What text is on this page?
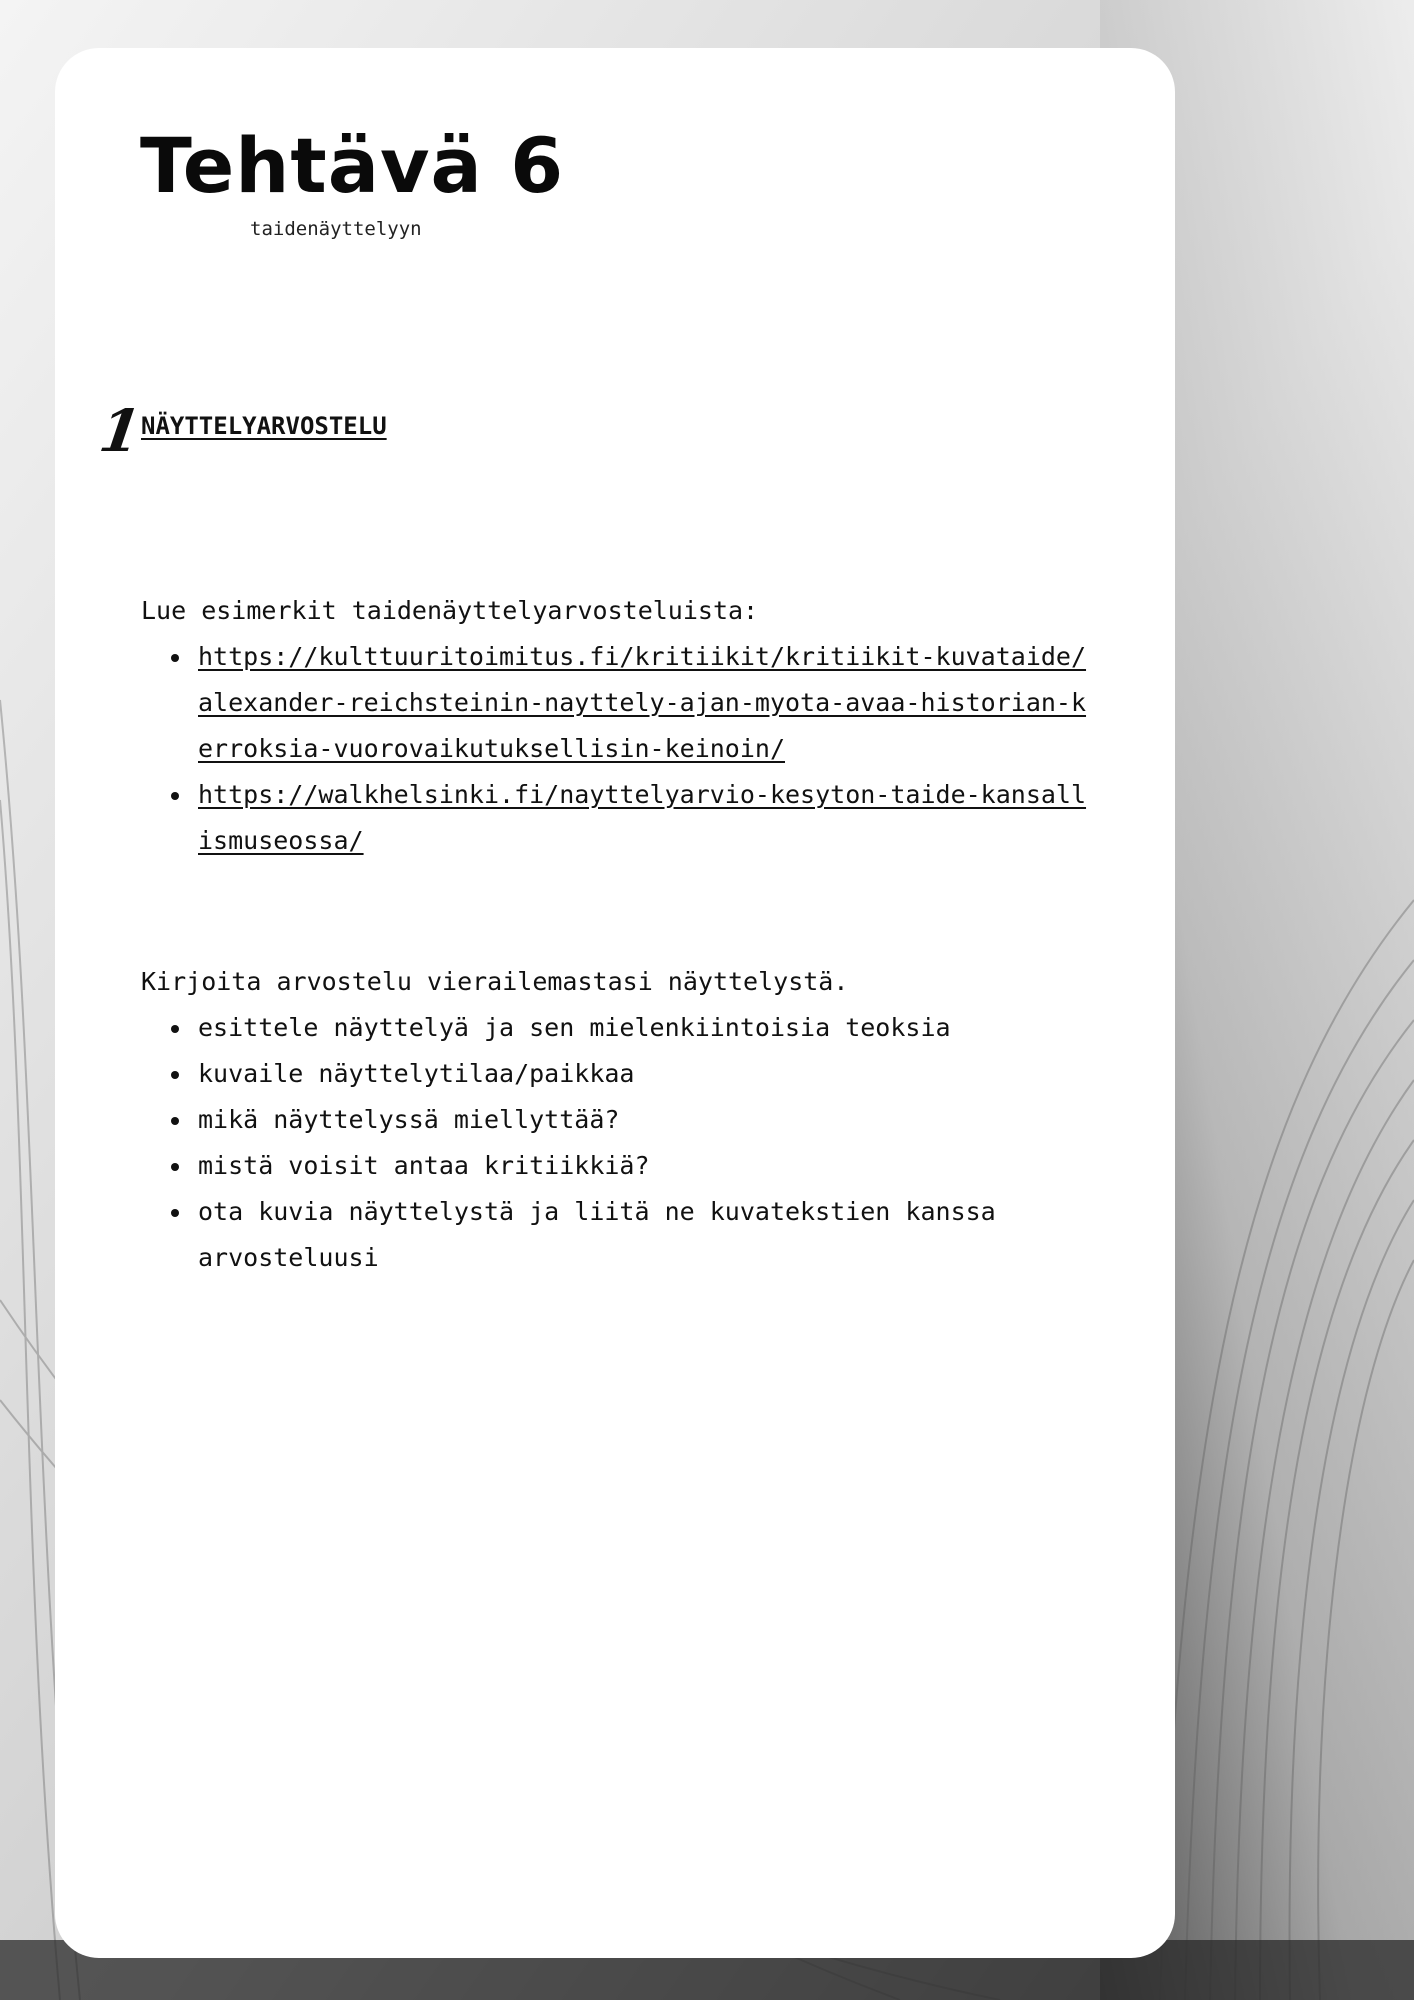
Tehtävä 6

taidenäyttelyyn

1
NÄYTTELYARVOSTELU

Lue esimerkit taidenäyttelyarvosteluista:

https://kulttuuritoimitus.fi/kritiikit/kritiikit-kuvataide/alexander-reichsteinin-nayttely-ajan-myota-avaa-historian-kerroksia-vuorovaikutuksellisin-keinoin/
https://walkhelsinki.fi/nayttelyarvio-kesyton-taide-kansallismuseossa/

Kirjoita arvostelu vierailemastasi näyttelystä.

esittele näyttelyä ja sen mielenkiintoisia teoksia
kuvaile näyttelytilaa/paikkaa
mikä näyttelyssä miellyttää?
mistä voisit antaa kritiikkiä?
ota kuvia näyttelystä ja liitä ne kuvatekstien kanssa arvosteluusi
